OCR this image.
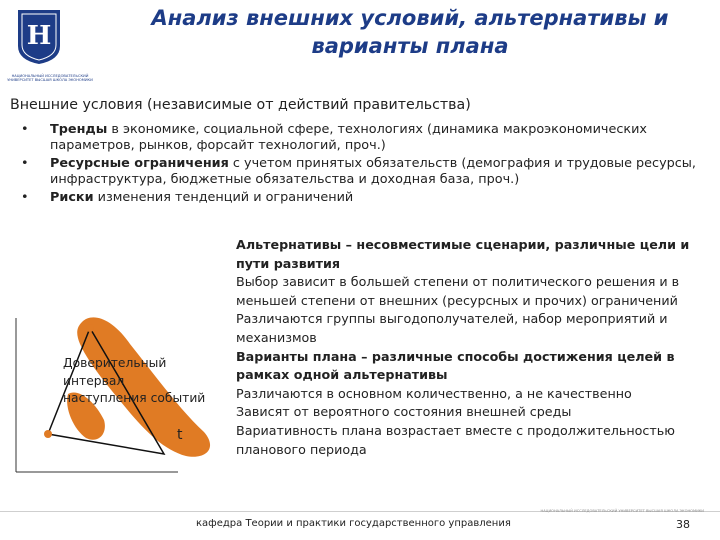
Н
НАЦИОНАЛЬНЫЙ ИССЛЕДОВАТЕЛЬСКИЙ УНИВЕРСИТЕТ ВЫСШАЯ ШКОЛА ЭКОНОМИКИ
Анализ внешних условий, альтернативы и
варианты плана
Внешние условия (независимые от действий правительства)
• Тренды в экономике, социальной сфере, технологиях (динамика макроэкономических параметров, рынков, форсайт технологий, проч.)
• Ресурсные ограничения с учетом принятых обязательств (демография и трудовые ресурсы, инфраструктура, бюджетные обязательства и доходная база, проч.)
• Риски изменения тенденций и ограничений
Доверительный
интервал
наступления событий
t

Альтернативы – несовместимые сценарии, различные цели и пути развития

Выбор зависит в большей степени от политического решения и в меньшей степени от внешних (ресурсных и прочих) ограничений

Различаются группы выгодополучателей, набор мероприятий и механизмов

Варианты плана – различные способы достижения целей в рамках одной альтернативы

Различаются в основном количественно, а не качественно

Зависят от вероятного состояния внешней среды

Вариативность плана возрастает вместе с продолжительностью планового периода

НАЦИОНАЛЬНЫЙ ИССЛЕДОВАТЕЛЬСКИЙ УНИВЕРСИТЕТ ВЫСШАЯ ШКОЛА ЭКОНОМИКИ
кафедра Теории и практики государственного управления	38
